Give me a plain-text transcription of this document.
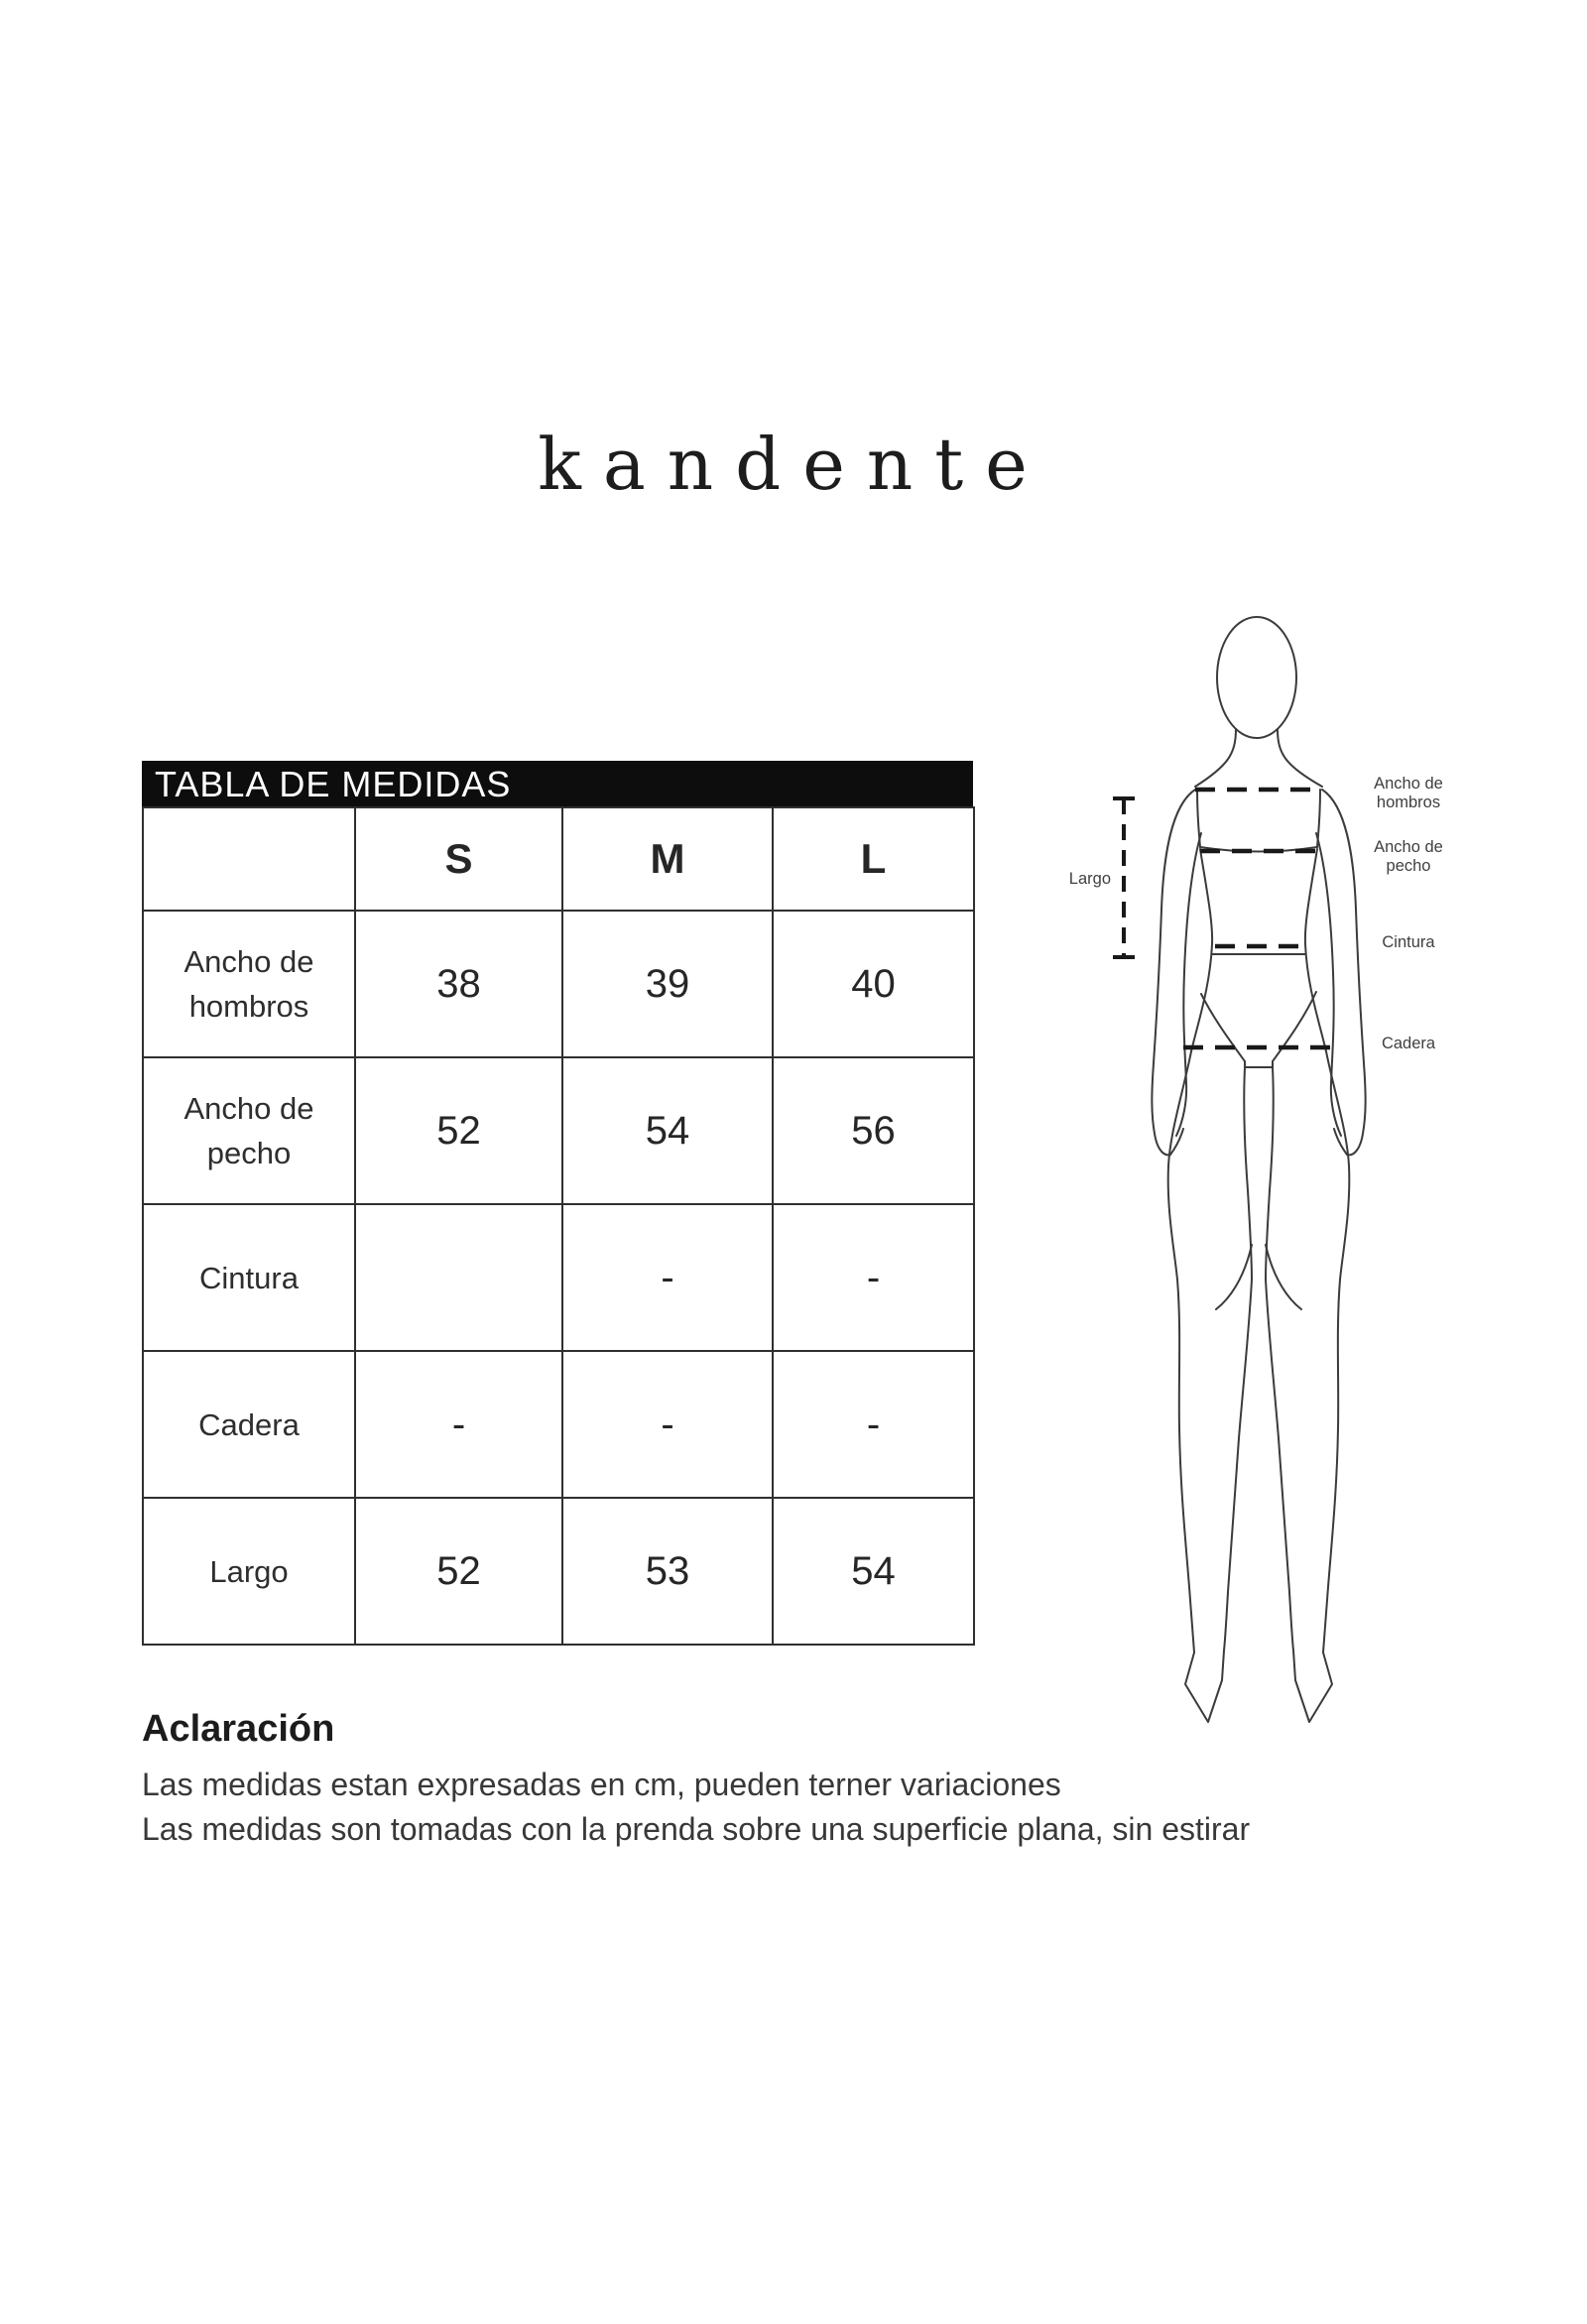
kandente
TABLA DE MEDIDAS
	S	M	L
Ancho de hombros	38	39	40
Ancho de pecho	52	54	56
Cintura		-	-
Cadera	-	-	-
Largo	52	53	54
Ancho de
hombros
Ancho de
pecho
Cintura
Cadera
Largo
Aclaración
Las medidas estan expresadas en cm, pueden terner variaciones
Las medidas son tomadas con la prenda sobre una superficie plana, sin estirar
